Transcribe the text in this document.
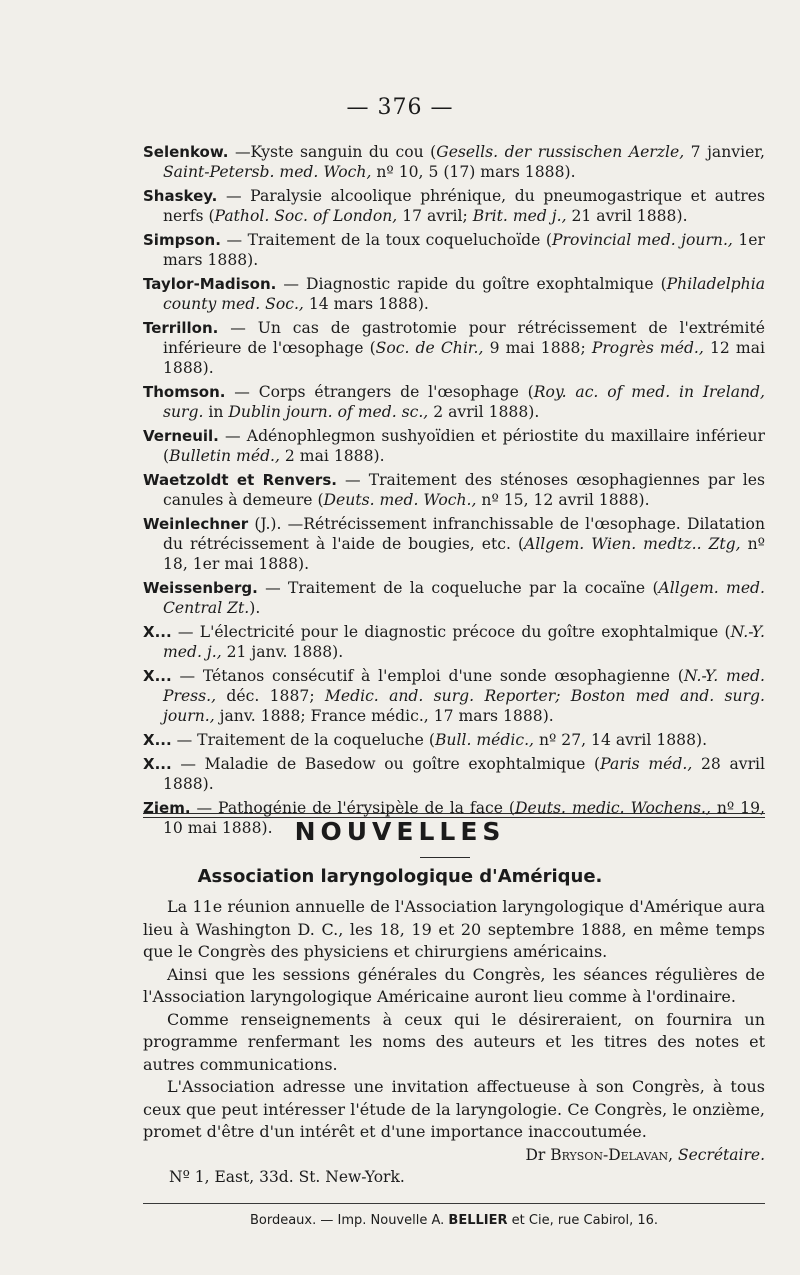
— 376 —

Selenkow. —Kyste sanguin du cou (Gesells. der russischen Aerzle, 7 janvier, Saint-Petersb. med. Woch, nº 10, 5 (17) mars 1888).

Shaskey. — Paralysie alcoolique phrénique, du pneumogastrique et autres nerfs (Pathol. Soc. of London, 17 avril; Brit. med j., 21 avril 1888).

Simpson. — Traitement de la toux coqueluchoïde (Provincial med. journ., 1er mars 1888).

Taylor-Madison. — Diagnostic rapide du goître exophtalmique (Philadelphia county med. Soc., 14 mars 1888).

Terrillon. — Un cas de gastrotomie pour rétrécissement de l'extrémité inférieure de l'œsophage (Soc. de Chir., 9 mai 1888; Progrès méd., 12 mai 1888).

Thomson. — Corps étrangers de l'œsophage (Roy. ac. of med. in Ireland, surg. in Dublin journ. of med. sc., 2 avril 1888).

Verneuil. — Adénophlegmon sushyoïdien et périostite du maxillaire inférieur (Bulletin méd., 2 mai 1888).

Waetzoldt et Renvers. — Traitement des sténoses œsophagiennes par les canules à demeure (Deuts. med. Woch., nº 15, 12 avril 1888).

Weinlechner (J.). —Rétrécissement infranchissable de l'œsophage. Dilatation du rétrécissement à l'aide de bougies, etc. (Allgem. Wien. medtz.. Ztg, nº 18, 1er mai 1888).

Weissenberg. — Traitement de la coqueluche par la cocaïne (Allgem. med. Central Zt.).

X... — L'électricité pour le diagnostic précoce du goître exophtalmique (N.-Y. med. j., 21 janv. 1888).

X... — Tétanos consécutif à l'emploi d'une sonde œsophagienne (N.-Y. med. Press., déc. 1887; Medic. and. surg. Reporter; Boston med and. surg. journ., janv. 1888; France médic., 17 mars 1888).

X... — Traitement de la coqueluche (Bull. médic., nº 27, 14 avril 1888).

X... — Maladie de Basedow ou goître exophtalmique (Paris méd., 28 avril 1888).

Ziem. — Pathogénie de l'érysipèle de la face (Deuts. medic. Wochens., nº 19, 10 mai 1888). NOUVELLES
Association laryngologique d'Amérique.

La 11e réunion annuelle de l'Association laryngologique d'Amérique aura lieu à Washington D. C., les 18, 19 et 20 septembre 1888, en même temps que le Congrès des physiciens et chirurgiens américains.

Ainsi que les sessions générales du Congrès, les séances régulières de l'Association laryngologique Américaine auront lieu comme à l'ordinaire.

Comme renseignements à ceux qui le désireraient, on fournira un programme renfermant les noms des auteurs et les titres des notes et autres communications.

L'Association adresse une invitation affectueuse à son Congrès, à tous ceux que peut intéresser l'étude de la laryngologie. Ce Congrès, le onzième, promet d'être d'un intérêt et d'une importance inaccoutumée.

Dr Bryson-Delavan, Secrétaire.
Nº 1, East, 33d. St. New-York.
Bordeaux. — Imp. Nouvelle A. BELLIER et Cie, rue Cabirol, 16.
